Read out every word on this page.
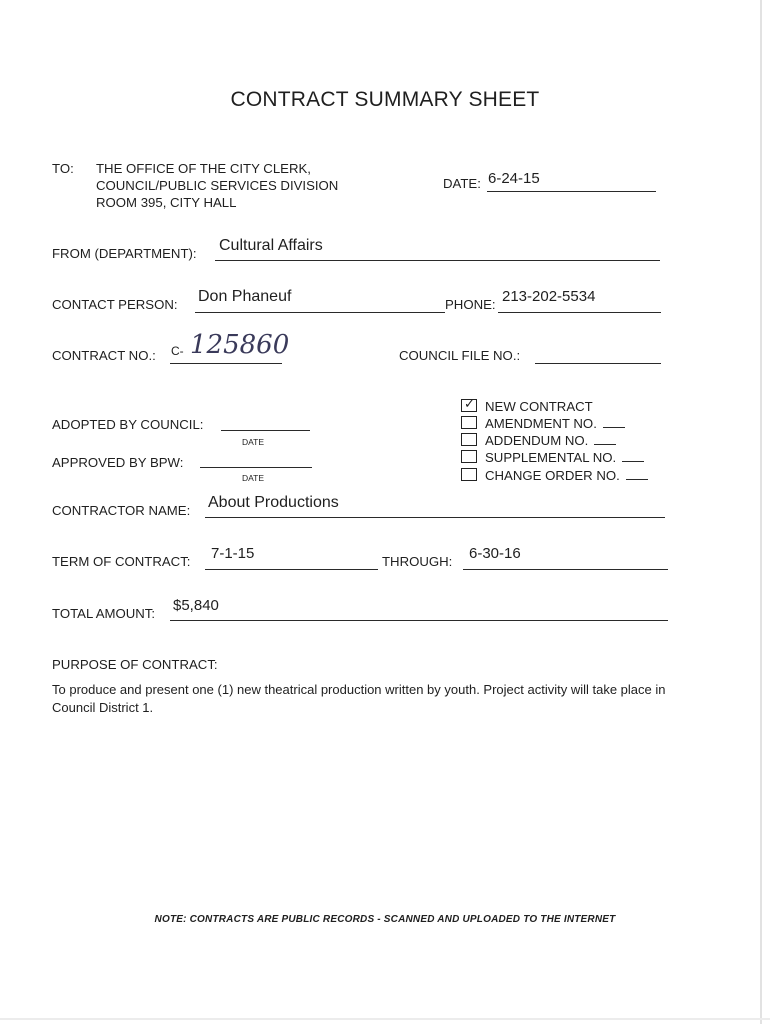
CONTRACT SUMMARY SHEET
TO: THE OFFICE OF THE CITY CLERK,
COUNCIL/PUBLIC SERVICES DIVISION
ROOM 395, CITY HALL
DATE: 6-24-15
FROM (DEPARTMENT): Cultural Affairs
CONTACT PERSON: Don Phaneuf	PHONE: 213-202-5534
CONTRACT NO.: C- 125860	COUNCIL FILE NO.:
ADOPTED BY COUNCIL:
DATE
APPROVED BY BPW:
DATE
✓ NEW CONTRACT
AMENDMENT NO.
ADDENDUM NO.
SUPPLEMENTAL NO.
CHANGE ORDER NO.
CONTRACTOR NAME: About Productions
TERM OF CONTRACT: 7-1-15	THROUGH: 6-30-16
TOTAL AMOUNT: $5,840
PURPOSE OF CONTRACT:
To produce and present one (1) new theatrical production written by youth. Project activity will take place in Council District 1.
NOTE: CONTRACTS ARE PUBLIC RECORDS - SCANNED AND UPLOADED TO THE INTERNET
